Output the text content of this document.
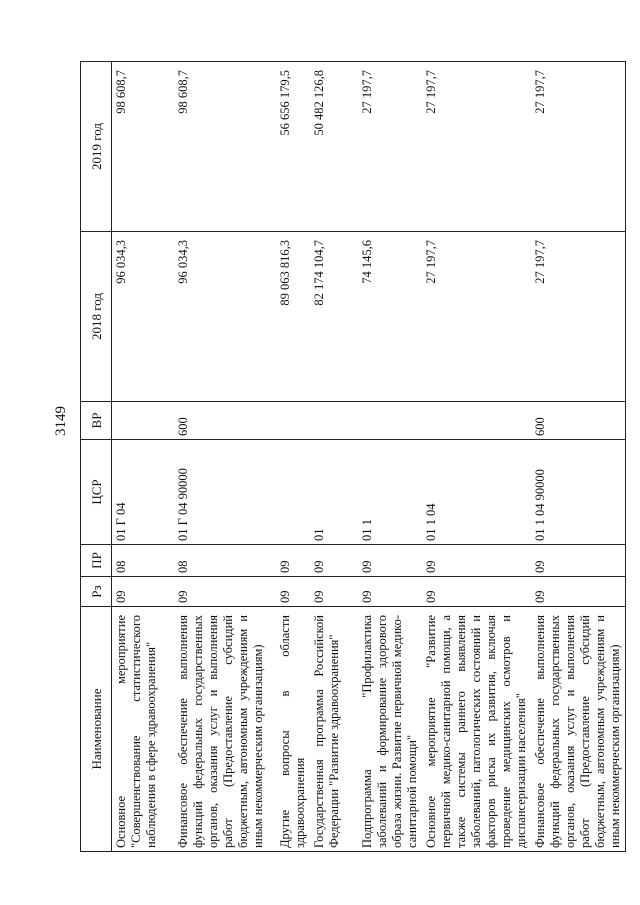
3149
Наименование	Рз	ПР	ЦСР	ВР	2018 год	2019 год
Основное мероприятие "Совершенствование статистического наблюдения в сфере здравоохранения"	09	08	01 Г 04		96 034,3	98 608,7
Финансовое обеспечение выполнения функций федеральных государственных органов, оказания услуг и выполнения работ (Предоставление субсидий бюджетным, автономным учреждениям и иным некоммерческим организациям)	09	08	01 Г 04 90000	600	96 034,3	98 608,7
Другие вопросы в области здравоохранения	09	09			89 063 816,3	56 656 179,5
Государственная программа Российской Федерации "Развитие здравоохранения"	09	09	01		82 174 104,7	50 482 126,8
Подпрограмма "Профилактика заболеваний и формирование здорового образа жизни. Развитие первичной медико-санитарной помощи"	09	09	01 1		74 145,6	27 197,7
Основное мероприятие "Развитие первичной медико-санитарной помощи, а также системы раннего выявления заболеваний, патологических состояний и факторов риска их развития, включая проведение медицинских осмотров и диспансеризации населения"	09	09	01 1 04		27 197,7	27 197,7
Финансовое обеспечение выполнения функций федеральных государственных органов, оказания услуг и выполнения работ (Предоставление субсидий бюджетным, автономным учреждениям и иным некоммерческим организациям)	09	09	01 1 04 90000	600	27 197,7	27 197,7
